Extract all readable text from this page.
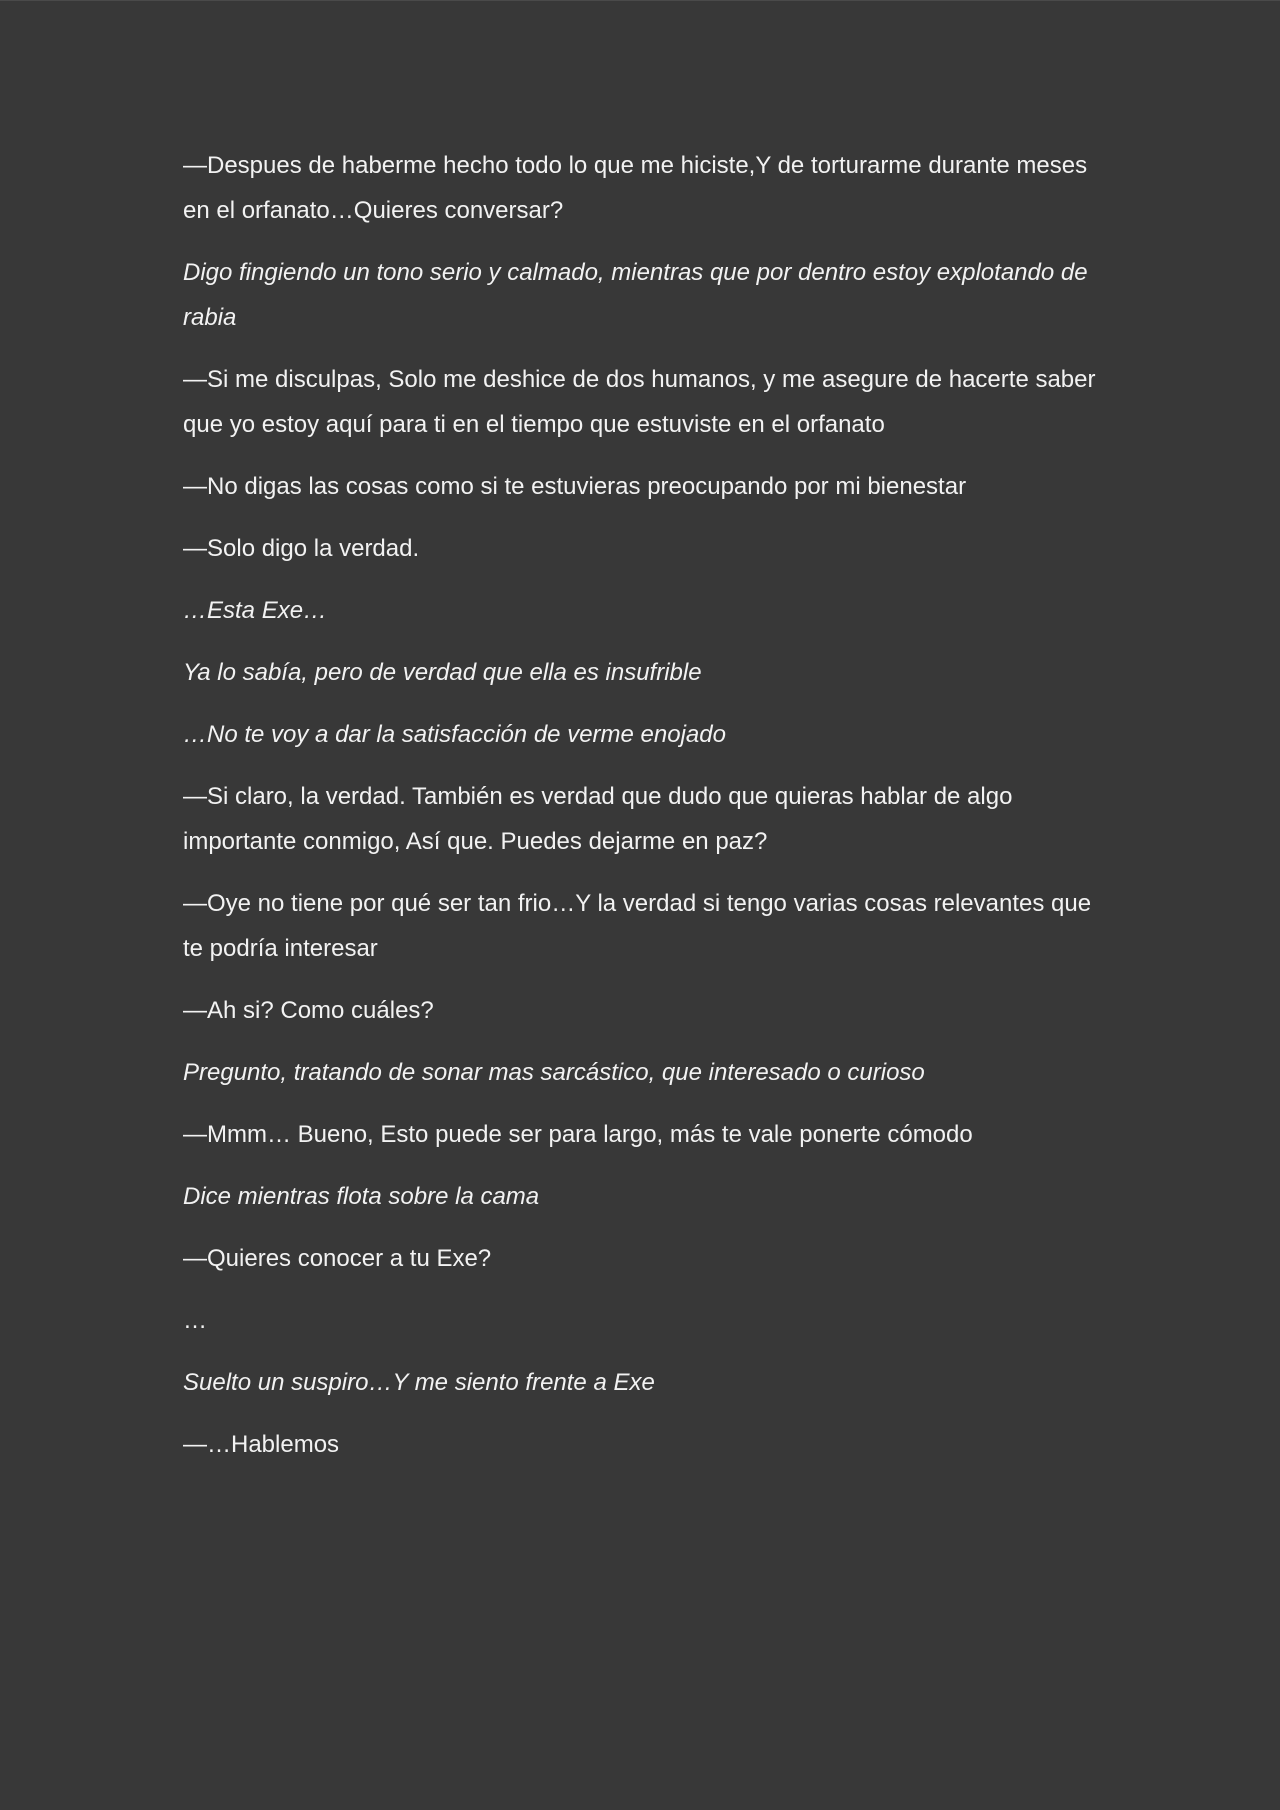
—Despues de haberme hecho todo lo que me hiciste,Y de torturarme durante meses en el orfanato…Quieres conversar?

Digo fingiendo un tono serio y calmado, mientras que por dentro estoy explotando de rabia

—Si me disculpas, Solo me deshice de dos humanos, y me asegure de hacerte saber que yo estoy aquí para ti en el tiempo que estuviste en el orfanato

—No digas las cosas como si te estuvieras preocupando por mi bienestar

—Solo digo la verdad.

…Esta Exe…

Ya lo sabía, pero de verdad que ella es insufrible

…No te voy a dar la satisfacción de verme enojado

—Si claro, la verdad. También es verdad que dudo que quieras hablar de algo importante conmigo, Así que. Puedes dejarme en paz?

—Oye no tiene por qué ser tan frio…Y la verdad si tengo varias cosas relevantes que te podría interesar

—Ah si? Como cuáles?

Pregunto, tratando de sonar mas sarcástico, que interesado o curioso

—Mmm… Bueno, Esto puede ser para largo, más te vale ponerte cómodo

Dice mientras flota sobre la cama

—Quieres conocer a tu Exe?

…

Suelto un suspiro…Y me siento frente a Exe

—…Hablemos
